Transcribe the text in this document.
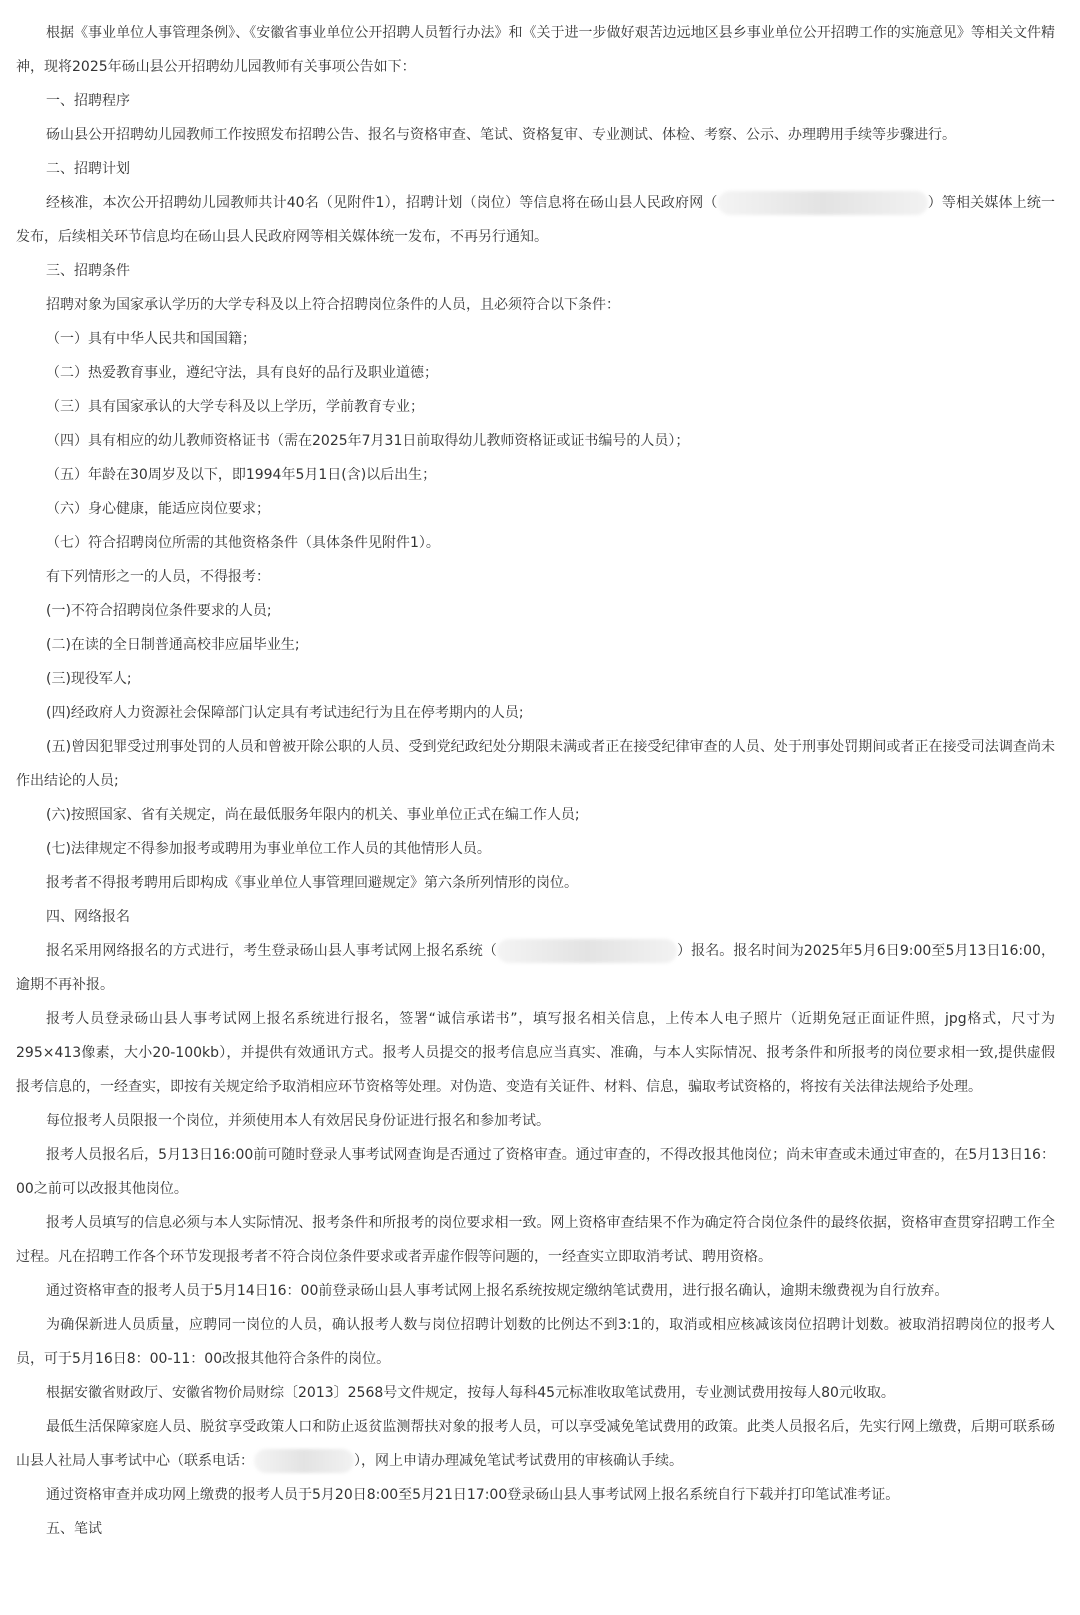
根据《事业单位人事管理条例》、《安徽省事业单位公开招聘人员暂行办法》和《关于进一步做好艰苦边远地区县乡事业单位公开招聘工作的实施意见》等相关文件精神，现将2025年砀山县公开招聘幼儿园教师有关事项公告如下：

一、招聘程序

砀山县公开招聘幼儿园教师工作按照发布招聘公告、报名与资格审查、笔试、资格复审、专业测试、体检、考察、公示、办理聘用手续等步骤进行。

二、招聘计划

经核准，本次公开招聘幼儿园教师共计40名（见附件1），招聘计划（岗位）等信息将在砀山县人民政府网（	）等相关媒体上统一发布，后续相关环节信息均在砀山县人民政府网等相关媒体统一发布，不再另行通知。

三、招聘条件

招聘对象为国家承认学历的大学专科及以上符合招聘岗位条件的人员，且必须符合以下条件：

（一）具有中华人民共和国国籍；

（二）热爱教育事业，遵纪守法，具有良好的品行及职业道德；

（三）具有国家承认的大学专科及以上学历，学前教育专业；

（四）具有相应的幼儿教师资格证书（需在2025年7月31日前取得幼儿教师资格证或证书编号的人员）；

（五）年龄在30周岁及以下，即1994年5月1日(含)以后出生；

（六）身心健康，能适应岗位要求；

（七）符合招聘岗位所需的其他资格条件（具体条件见附件1）。

有下列情形之一的人员，不得报考：

(一)不符合招聘岗位条件要求的人员;

(二)在读的全日制普通高校非应届毕业生;

(三)现役军人;

(四)经政府人力资源社会保障部门认定具有考试违纪行为且在停考期内的人员;

(五)曾因犯罪受过刑事处罚的人员和曾被开除公职的人员、受到党纪政纪处分期限未满或者正在接受纪律审查的人员、处于刑事处罚期间或者正在接受司法调查尚未作出结论的人员;

(六)按照国家、省有关规定，尚在最低服务年限内的机关、事业单位正式在编工作人员;

(七)法律规定不得参加报考或聘用为事业单位工作人员的其他情形人员。

报考者不得报考聘用后即构成《事业单位人事管理回避规定》第六条所列情形的岗位。

四、网络报名

报名采用网络报名的方式进行，考生登录砀山县人事考试网上报名系统（	）报名。报名时间为2025年5月6日9:00至5月13日16:00，逾期不再补报。

报考人员登录砀山县人事考试网上报名系统进行报名，签署“诚信承诺书”，填写报名相关信息，上传本人电子照片（近期免冠正面证件照，jpg格式，尺寸为295×413像素，大小20-100kb），并提供有效通讯方式。报考人员提交的报考信息应当真实、准确，与本人实际情况、报考条件和所报考的岗位要求相一致,提供虚假报考信息的，一经查实，即按有关规定给予取消相应环节资格等处理。对伪造、变造有关证件、材料、信息，骗取考试资格的，将按有关法律法规给予处理。

每位报考人员限报一个岗位，并须使用本人有效居民身份证进行报名和参加考试。

报考人员报名后，5月13日16:00前可随时登录人事考试网查询是否通过了资格审查。通过审查的，不得改报其他岗位；尚未审查或未通过审查的，在5月13日16：00之前可以改报其他岗位。

报考人员填写的信息必须与本人实际情况、报考条件和所报考的岗位要求相一致。网上资格审查结果不作为确定符合岗位条件的最终依据，资格审查贯穿招聘工作全过程。凡在招聘工作各个环节发现报考者不符合岗位条件要求或者弄虚作假等问题的，一经查实立即取消考试、聘用资格。

通过资格审查的报考人员于5月14日16：00前登录砀山县人事考试网上报名系统按规定缴纳笔试费用，进行报名确认，逾期未缴费视为自行放弃。

为确保新进人员质量，应聘同一岗位的人员，确认报考人数与岗位招聘计划数的比例达不到3:1的，取消或相应核减该岗位招聘计划数。被取消招聘岗位的报考人员，可于5月16日8：00-11：00改报其他符合条件的岗位。

根据安徽省财政厅、安徽省物价局财综〔2013〕2568号文件规定，按每人每科45元标准收取笔试费用，专业测试费用按每人80元收取。

最低生活保障家庭人员、脱贫享受政策人口和防止返贫监测帮扶对象的报考人员，可以享受减免笔试费用的政策。此类人员报名后，先实行网上缴费，后期可联系砀山县人社局人事考试中心（联系电话：	），网上申请办理减免笔试考试费用的审核确认手续。

通过资格审查并成功网上缴费的报考人员于5月20日8:00至5月21日17:00登录砀山县人事考试网上报名系统自行下载并打印笔试准考证。

五、笔试
